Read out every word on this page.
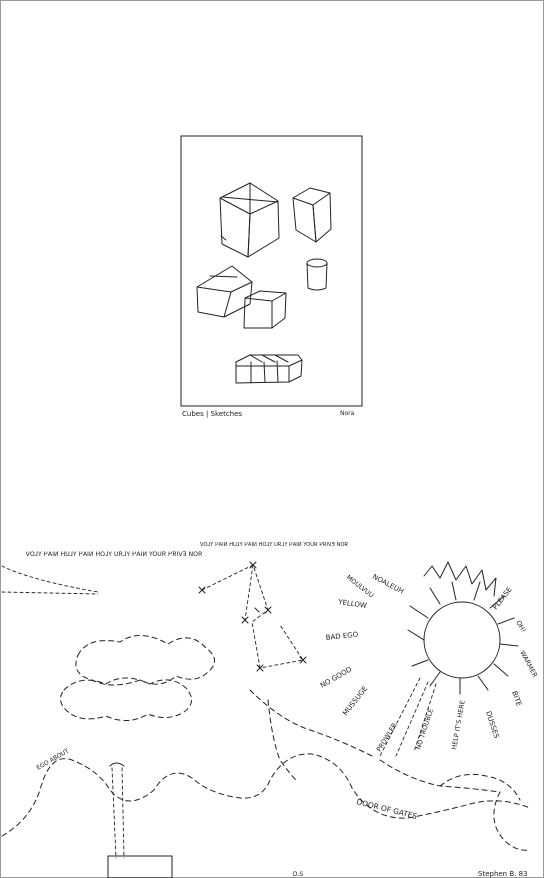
Cubes | Sketches	Nora
ЯОИ ЕVIЯЧ ЯUOY NIAЧ YLЯU YLOH NIAЧ YLUH NIAЧ YLOV
ЯОИ ЕVIЯЧ ЯUOY NIAЧ YLЯU YLOH NIAЧ YLUH NIAЧ YLOV
D.S
NOALEUH
MOULVUU
YELLOW
BAD EGO
NO GOOD
MUSSUGE
PLEASE
OH!
WARMER
BITE
DUSSES
HELP IT'S HERE
NO TROUBLE
PROWLER
DOOR OF GATES
EGO ABOUT
Stephen B. 83
